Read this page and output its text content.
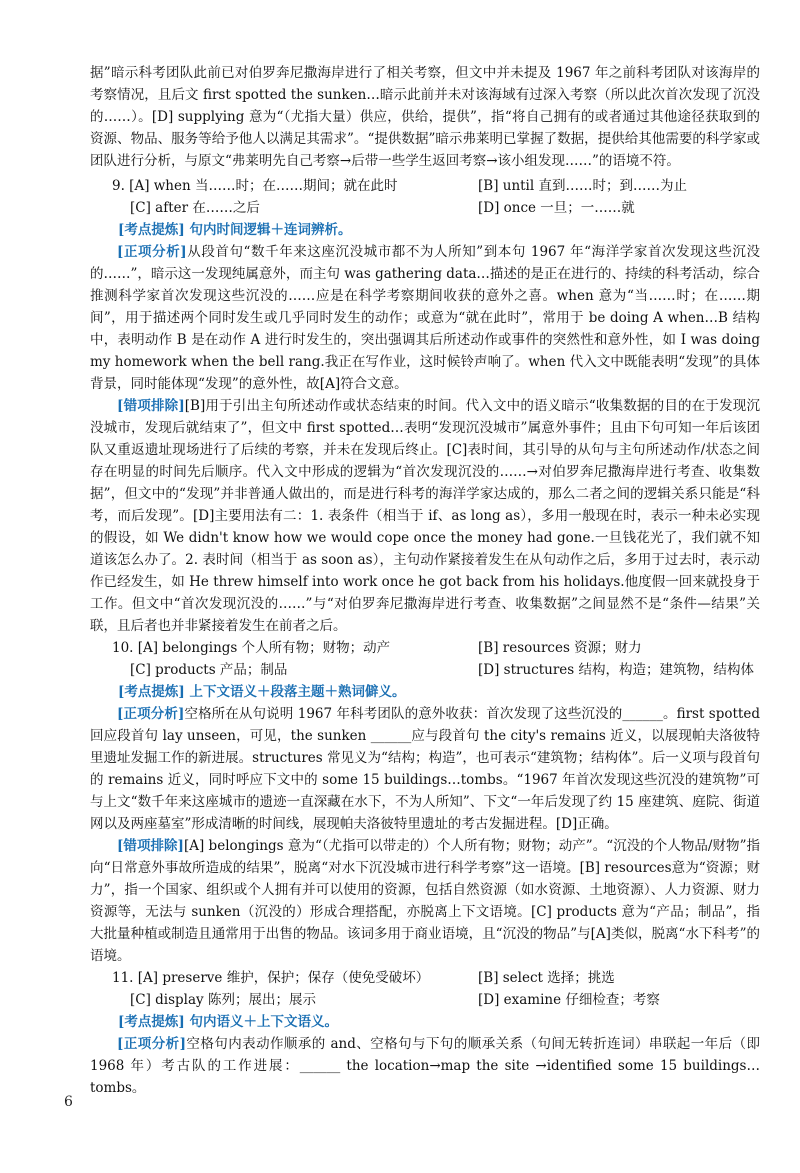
据”暗示科考团队此前已对伯罗奔尼撒海岸进行了相关考察，但文中并未提及 1967 年之前科考团队对该海岸的考察情况，且后文 first spotted the sunken…暗示此前并未对该海域有过深入考察（所以此次首次发现了沉没的……）。[D] supplying 意为“（尤指大量）供应，供给，提供”，指“将自己拥有的或者通过其他途径获取到的资源、物品、服务等给予他人以满足其需求”。“提供数据”暗示弗莱明已掌握了数据，提供给其他需要的科学家或团队进行分析，与原文“弗莱明先自己考察→后带一些学生返回考察→该小组发现……”的语境不符。

9. [A] when 当……时；在……期间；就在此时	[B] until 直到……时；到……为止
[C] after 在……之后	[D] once 一旦；一……就
[考点提炼] 句内时间逻辑＋连词辨析。

[正项分析]从段首句“数千年来这座沉没城市都不为人所知”到本句 1967 年“海洋学家首次发现这些沉没的……”，暗示这一发现纯属意外，而主句 was gathering data…描述的是正在进行的、持续的科考活动，综合推测科学家首次发现这些沉没的……应是在科学考察期间收获的意外之喜。when 意为“当……时；在……期间”，用于描述两个同时发生或几乎同时发生的动作；或意为“就在此时”，常用于 be doing A when…B 结构中，表明动作 B 是在动作 A 进行时发生的，突出强调其后所述动作或事件的突然性和意外性，如 I was doing my homework when the bell rang.我正在写作业，这时候铃声响了。when 代入文中既能表明“发现”的具体背景，同时能体现“发现”的意外性，故[A]符合文意。

[错项排除][B]用于引出主句所述动作或状态结束的时间。代入文中的语义暗示“收集数据的目的在于发现沉没城市，发现后就结束了”，但文中 first spotted…表明“发现沉没城市”属意外事件；且由下句可知一年后该团队又重返遗址现场进行了后续的考察，并未在发现后终止。[C]表时间，其引导的从句与主句所述动作/状态之间存在明显的时间先后顺序。代入文中形成的逻辑为“首次发现沉没的……→对伯罗奔尼撒海岸进行考查、收集数据”，但文中的“发现”并非普通人做出的，而是进行科考的海洋学家达成的，那么二者之间的逻辑关系只能是“科考，而后发现”。[D]主要用法有二：1. 表条件（相当于 if、as long as），多用一般现在时，表示一种未必实现的假设，如 We didn't know how we would cope once the money had gone.一旦钱花光了，我们就不知道该怎么办了。2. 表时间（相当于 as soon as），主句动作紧接着发生在从句动作之后，多用于过去时，表示动作已经发生，如 He threw himself into work once he got back from his holidays.他度假一回来就投身于工作。但文中“首次发现沉没的……”与“对伯罗奔尼撒海岸进行考查、收集数据”之间显然不是“条件—结果”关联，且后者也并非紧接着发生在前者之后。

10. [A] belongings 个人所有物；财物；动产	[B] resources 资源；财力
[C] products 产品；制品	[D] structures 结构，构造；建筑物，结构体
[考点提炼] 上下文语义＋段落主题＋熟词僻义。

[正项分析]空格所在从句说明 1967 年科考团队的意外收获：首次发现了这些沉没的______。first spotted 回应段首句 lay unseen，可见，the sunken ______应与段首句 the city's remains 近义，以展现帕夫洛彼特里遗址发掘工作的新进展。structures 常见义为“结构；构造”，也可表示“建筑物；结构体”。后一义项与段首句的 remains 近义，同时呼应下文中的 some 15 buildings…tombs。“1967 年首次发现这些沉没的建筑物”可与上文“数千年来这座城市的遗迹一直深藏在水下，不为人所知”、下文“一年后发现了约 15 座建筑、庭院、街道网以及两座墓室”形成清晰的时间线，展现帕夫洛彼特里遗址的考古发掘进程。[D]正确。

[错项排除][A] belongings 意为“（尤指可以带走的）个人所有物；财物；动产”。“沉没的个人物品/财物”指向“日常意外事故所造成的结果”，脱离“对水下沉没城市进行科学考察”这一语境。[B] resources意为“资源；财力”，指一个国家、组织或个人拥有并可以使用的资源，包括自然资源（如水资源、土地资源）、人力资源、财力资源等，无法与 sunken（沉没的）形成合理搭配，亦脱离上下文语境。[C] products 意为“产品；制品”，指大批量种植或制造且通常用于出售的物品。该词多用于商业语境，且“沉没的物品”与[A]类似，脱离“水下科考”的语境。

11. [A] preserve 维护，保护；保存（使免受破坏）	[B] select 选择；挑选
[C] display 陈列；展出；展示	[D] examine 仔细检查；考察
[考点提炼] 句内语义＋上下文语义。

[正项分析]空格句内表动作顺承的 and、空格句与下句的顺承关系（句间无转折连词）串联起一年后（即 1968 年）考古队的工作进展：______ the location→map the site →identified some 15 buildings…tombs。

6
